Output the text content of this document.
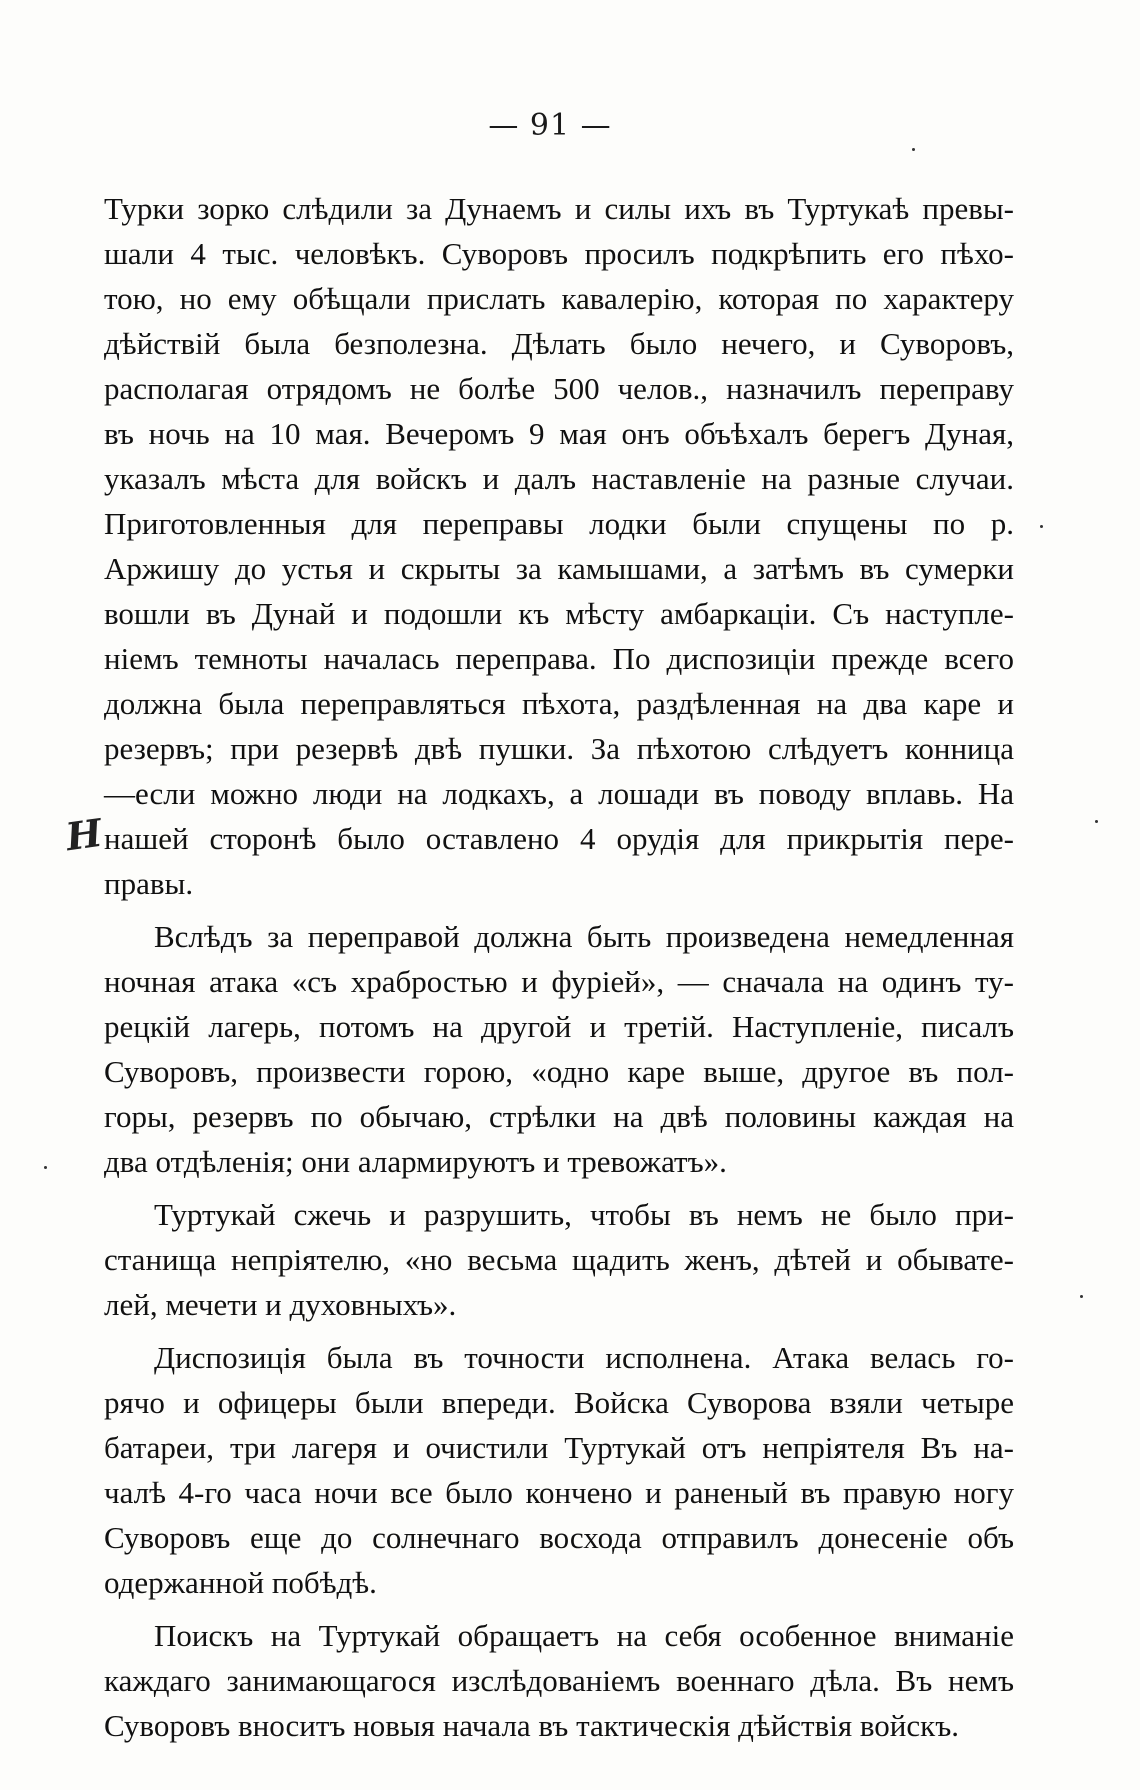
— 91 —
Н
Турки зорко слѣдили за Дунаемъ и силы ихъ въ Туртукаѣ превы-
шали 4 тыс. человѣкъ. Суворовъ просилъ подкрѣпить его пѣхо-
тою, но ему обѣщали прислать кавалерію, которая по характеру
дѣйствій была безполезна. Дѣлать было нечего, и Суворовъ,
располагая отрядомъ не болѣе 500 челов., назначилъ переправу
въ ночь на 10 мая. Вечеромъ 9 мая онъ объѣхалъ берегъ Дуная,
указалъ мѣста для войскъ и далъ наставленіе на разные случаи.
Приготовленныя для переправы лодки были спущены по р.
Аржишу до устья и скрыты за камышами, а затѣмъ въ сумерки
вошли въ Дунай и подошли къ мѣсту амбаркаціи. Съ наступле-
ніемъ темноты началась переправа. По диспозиціи прежде всего
должна была переправляться пѣхота, раздѣленная на два каре и
резервъ; при резервѣ двѣ пушки. За пѣхотою слѣдуетъ конница
—если можно люди на лодкахъ, а лошади въ поводу вплавь. На
нашей сторонѣ было оставлено 4 орудія для прикрытія пере-
правы.
Вслѣдъ за переправой должна быть произведена немедленная
ночная атака «съ храбростью и фуріей», — сначала на одинъ ту-
рецкій лагерь, потомъ на другой и третій. Наступленіе, писалъ
Суворовъ, произвести горою, «одно каре выше, другое въ пол-
горы, резервъ по обычаю, стрѣлки на двѣ половины каждая на
два отдѣленія; они алармируютъ и тревожатъ».
Туртукай сжечь и разрушить, чтобы въ немъ не было при-
станища непріятелю, «но весьма щадить женъ, дѣтей и обывате-
лей, мечети и духовныхъ».
Диспозиція была въ точности исполнена. Атака велась го-
рячо и офицеры были впереди. Войска Суворова взяли четыре
батареи, три лагеря и очистили Туртукай отъ непріятеля Въ на-
чалѣ 4-го часа ночи все было кончено и раненый въ правую ногу
Суворовъ еще до солнечнаго восхода отправилъ донесеніе объ
одержанной побѣдѣ.
Поискъ на Туртукай обращаетъ на себя особенное вниманіе
каждаго занимающагося изслѣдованіемъ военнаго дѣла. Въ немъ
Суворовъ вноситъ новыя начала въ тактическія дѣйствія войскъ.
